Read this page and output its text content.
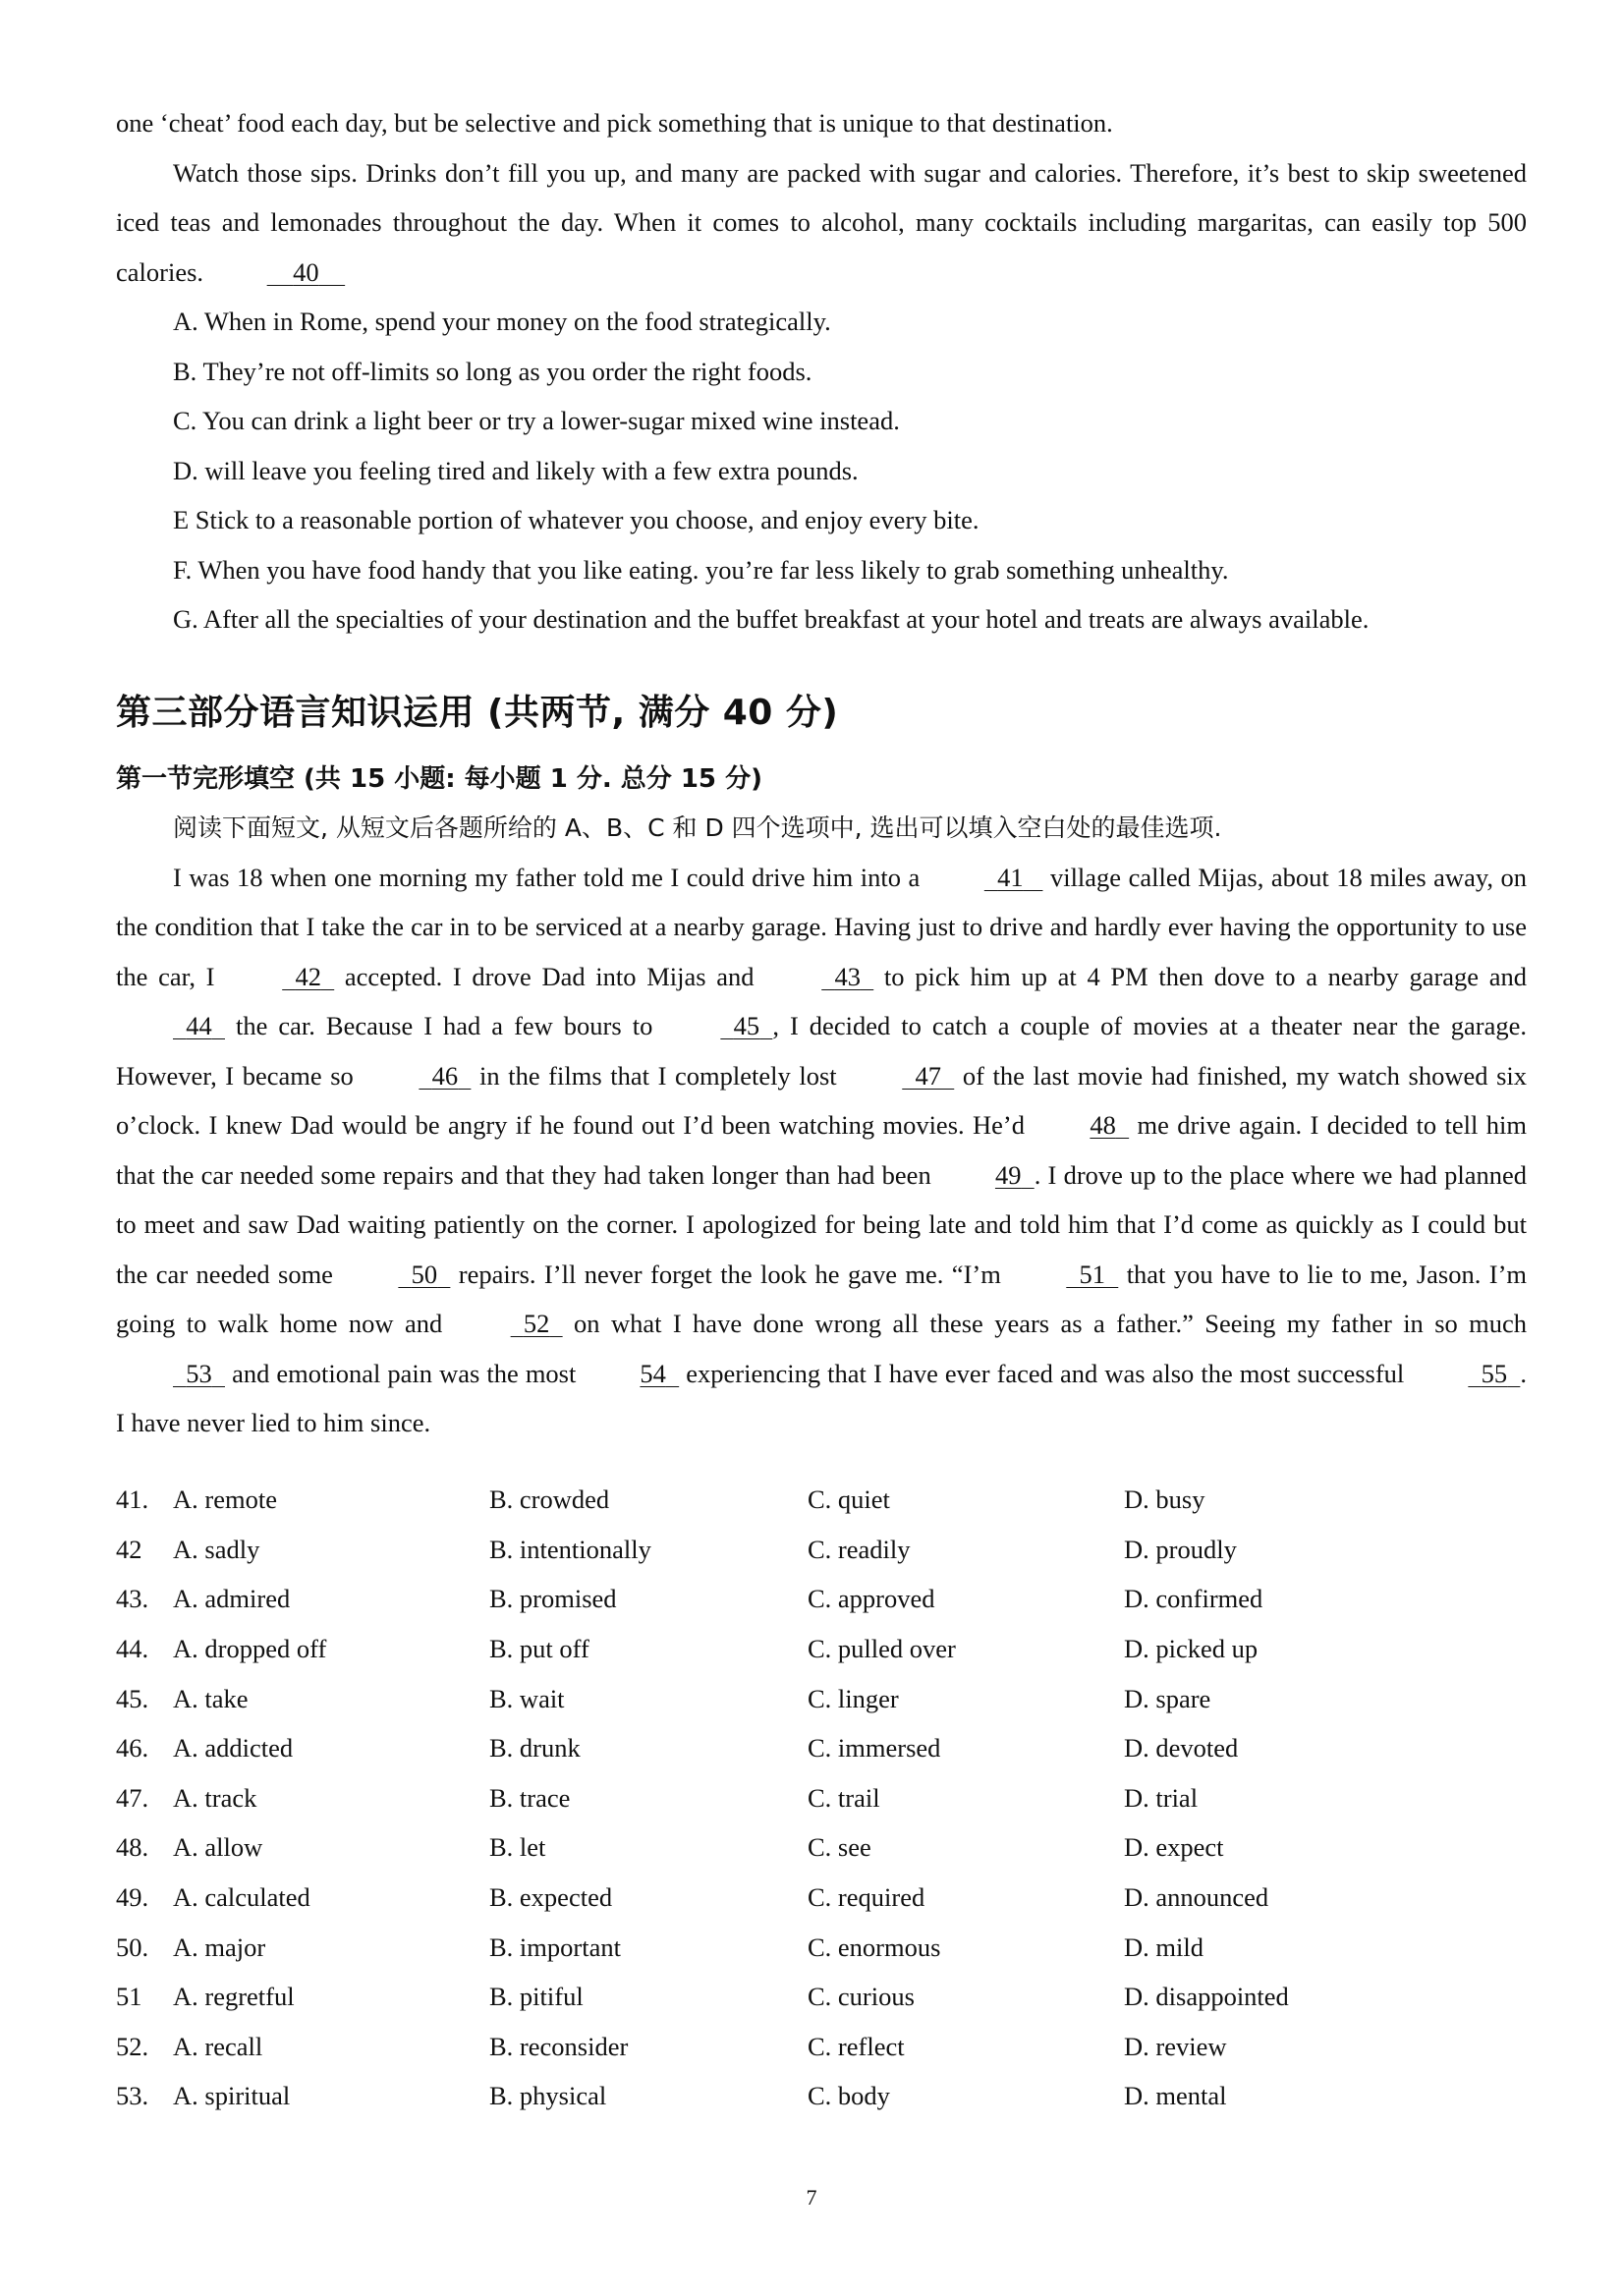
one ‘cheat’ food each day, but be selective and pick something that is unique to that destination.

Watch those sips. Drinks don’t fill you up, and many are packed with sugar and calories. Therefore, it’s best to skip sweetened iced teas and lemonades throughout the day. When it comes to alcohol, many cocktails including margaritas, can easily top 500 calories.	40

A. When in Rome, spend your money on the food strategically.

B. They’re not off-limits so long as you order the right foods.

C. You can drink a light beer or try a lower-sugar mixed wine instead.

D. will leave you feeling tired and likely with a few extra pounds.

E Stick to a reasonable portion of whatever you choose, and enjoy every bite.

F. When you have food handy that you like eating. you’re far less likely to grab something unhealthy.

G. After all the specialties of your destination and the buffet breakfast at your hotel and treats are always available.

第三部分语言知识运用 (共两节, 满分 40 分)
第一节完形填空 (共 15 小题: 每小题 1 分. 总分 15 分)

阅读下面短文, 从短文后各题所给的 A、B、C 和 D 四个选项中, 选出可以填入空白处的最佳选项.

I was 18 when one morning my father told me I could drive him into a	41 village called Mijas, about 18 miles away, on the condition that I take the car in to be serviced at a nearby garage. Having just to drive and hardly ever having the opportunity to use the car, I	42 accepted. I drove Dad into Mijas and	43 to pick him up at 4 PM then dove to a nearby garage and   44 the car. Because I had a few bours to	45 , I decided to catch a couple of movies at a theater near the garage. However, I became so	46 in the films that I completely lost	47 of the last movie had finished, my watch showed six o’clock. I knew Dad would be angry if he found out I’d been watching movies. He’d	48 me drive again. I decided to tell him that the car needed some repairs and that they had taken longer than had been 49 . I drove up to the place where we had planned to meet and saw Dad waiting patiently on the corner. I apologized for being late and told him that I’d come as quickly as I could but the car needed some	50 repairs. I’ll never forget the look he gave me. “I’m	51 that you have to lie to me, Jason. I’m going to walk home now and	52 on what I have done wrong all these years as a father.” Seeing my father in so much   53 and emotional pain was the most 54 experiencing that I have ever faced and was also the most successful	55 . I have never lied to him since.

41.	A. remote	B. crowded	C. quiet	D. busy
42	A. sadly	B. intentionally	C. readily	D. proudly
43.	A. admired	B. promised	C. approved	D. confirmed
44.	A. dropped off	B. put off	C. pulled over	D. picked up
45.	A. take	B. wait	C. linger	D. spare
46.	A. addicted	B. drunk	C. immersed	D. devoted
47.	A. track	B. trace	C. trail	D. trial
48.	A. allow	B. let	C. see	D. expect
49.	A. calculated	B. expected	C. required	D. announced
50.	A. major	B. important	C. enormous	D. mild
51	A. regretful	B. pitiful	C. curious	D. disappointed
52.	A. recall	B. reconsider	C. reflect	D. review
53.	A. spiritual	B. physical	C. body	D. mental
7
